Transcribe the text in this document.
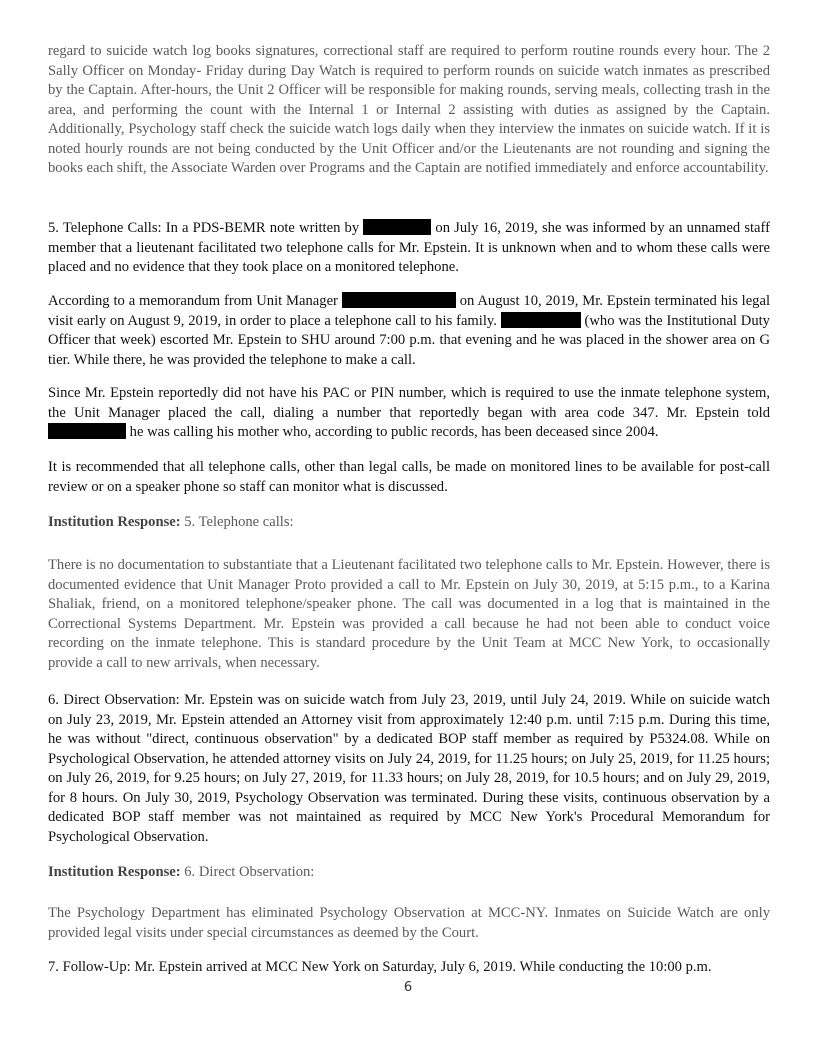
regard to suicide watch log books signatures, correctional staff are required to perform routine rounds every hour. The 2 Sally Officer on Monday- Friday during Day Watch is required to perform rounds on suicide watch inmates as prescribed by the Captain. After-hours, the Unit 2 Officer will be responsible for making rounds, serving meals, collecting trash in the area, and performing the count with the Internal 1 or Internal 2 assisting with duties as assigned by the Captain. Additionally, Psychology staff check the suicide watch logs daily when they interview the inmates on suicide watch. If it is noted hourly rounds are not being conducted by the Unit Officer and/or the Lieutenants are not rounding and signing the books each shift, the Associate Warden over Programs and the Captain are notified immediately and enforce accountability.

5. Telephone Calls: In a PDS-BEMR note written by	on July 16, 2019, she was informed by an unnamed staff member that a lieutenant facilitated two telephone calls for Mr. Epstein. It is unknown when and to whom these calls were placed and no evidence that they took place on a monitored telephone.

According to a memorandum from Unit Manager	on August 10, 2019, Mr. Epstein terminated his legal visit early on August 9, 2019, in order to place a telephone call to his family.	(who was the Institutional Duty Officer that week) escorted Mr. Epstein to SHU around 7:00 p.m. that evening and he was placed in the shower area on G tier. While there, he was provided the telephone to make a call.

Since Mr. Epstein reportedly did not have his PAC or PIN number, which is required to use the inmate telephone system, the Unit Manager placed the call, dialing a number that reportedly began with area code 347. Mr. Epstein told  he was calling his mother who, according to public records, has been deceased since 2004.

It is recommended that all telephone calls, other than legal calls, be made on monitored lines to be available for post-call review or on a speaker phone so staff can monitor what is discussed.

Institution Response: 5. Telephone calls:

There is no documentation to substantiate that a Lieutenant facilitated two telephone calls to Mr. Epstein. However, there is documented evidence that Unit Manager Proto provided a call to Mr. Epstein on July 30, 2019, at 5:15 p.m., to a Karina Shaliak, friend, on a monitored telephone/speaker phone. The call was documented in a log that is maintained in the Correctional Systems Department. Mr. Epstein was provided a call because he had not been able to conduct voice recording on the inmate telephone. This is standard procedure by the Unit Team at MCC New York, to occasionally provide a call to new arrivals, when necessary.

6. Direct Observation: Mr. Epstein was on suicide watch from July 23, 2019, until July 24, 2019. While on suicide watch on July 23, 2019, Mr. Epstein attended an Attorney visit from approximately 12:40 p.m. until 7:15 p.m. During this time, he was without "direct, continuous observation" by a dedicated BOP staff member as required by P5324.08. While on Psychological Observation, he attended attorney visits on July 24, 2019, for 11.25 hours; on July 25, 2019, for 11.25 hours; on July 26, 2019, for 9.25 hours; on July 27, 2019, for 11.33 hours; on July 28, 2019, for 10.5 hours; and on July 29, 2019, for 8 hours. On July 30, 2019, Psychology Observation was terminated. During these visits, continuous observation by a dedicated BOP staff member was not maintained as required by MCC New York's Procedural Memorandum for Psychological Observation.

Institution Response: 6. Direct Observation:

The Psychology Department has eliminated Psychology Observation at MCC-NY. Inmates on Suicide Watch are only provided legal visits under special circumstances as deemed by the Court.

7. Follow-Up: Mr. Epstein arrived at MCC New York on Saturday, July 6, 2019. While conducting the 10:00 p.m.

6
